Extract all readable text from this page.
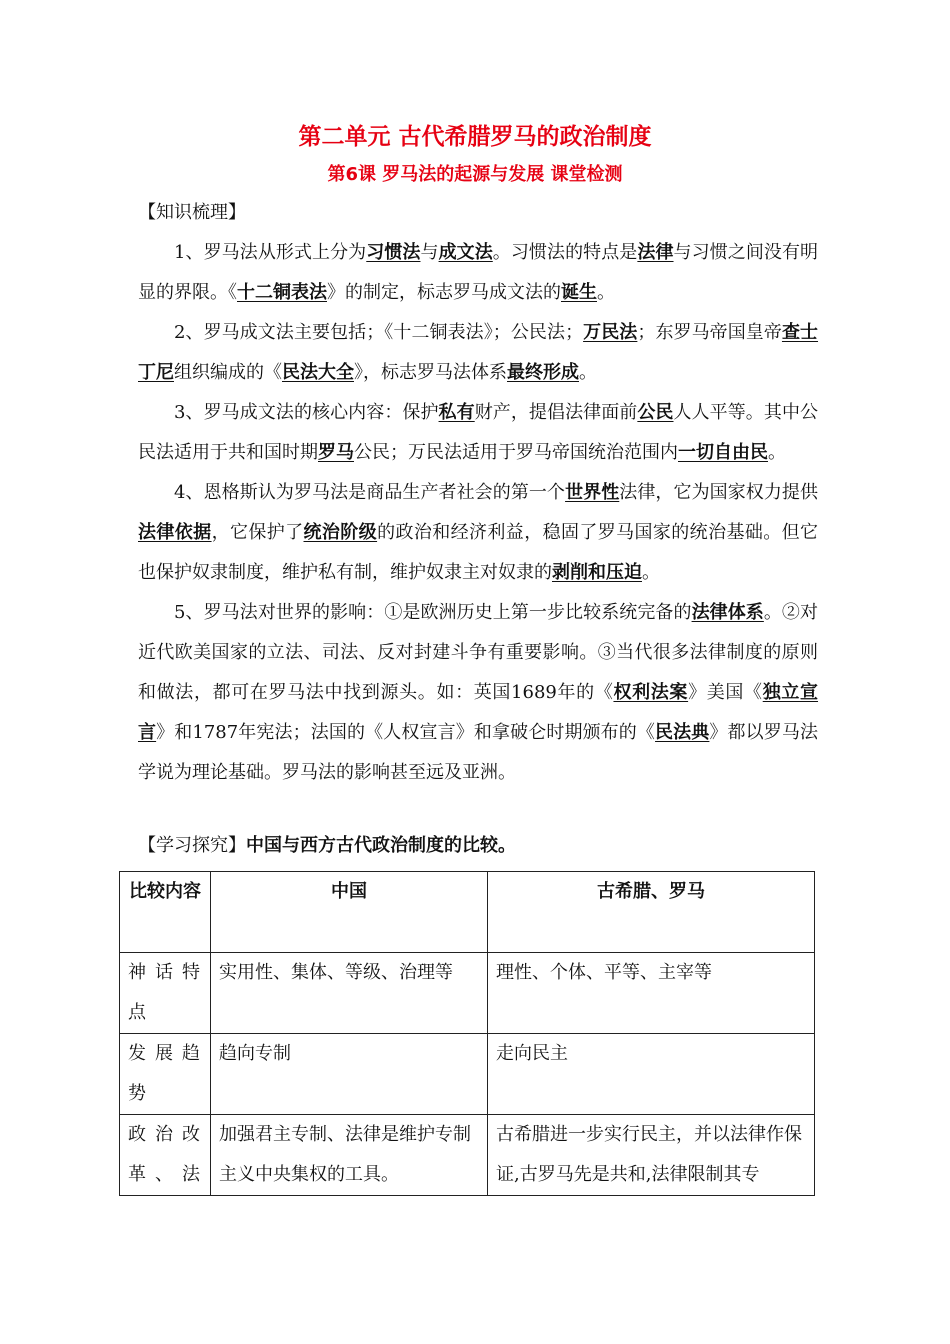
第二单元 古代希腊罗马的政治制度
第6课 罗马法的起源与发展 课堂检测

【知识梳理】

1、罗马法从形式上分为习惯法与成文法。习惯法的特点是法律与习惯之间没有明显的界限。《十二铜表法》的制定，标志罗马成文法的诞生。

2、罗马成文法主要包括；《十二铜表法》；公民法；万民法；东罗马帝国皇帝查士丁尼组织编成的《民法大全》，标志罗马法体系最终形成。

3、罗马成文法的核心内容：保护私有财产，提倡法律面前公民人人平等。其中公民法适用于共和国时期罗马公民；万民法适用于罗马帝国统治范围内一切自由民。

4、恩格斯认为罗马法是商品生产者社会的第一个世界性法律，它为国家权力提供法律依据，它保护了统治阶级的政治和经济利益，稳固了罗马国家的统治基础。但它也保护奴隶制度，维护私有制，维护奴隶主对奴隶的剥削和压迫。

5、罗马法对世界的影响：①是欧洲历史上第一步比较系统完备的法律体系。②对近代欧美国家的立法、司法、反对封建斗争有重要影响。③当代很多法律制度的原则和做法，都可在罗马法中找到源头。如：英国1689年的《权利法案》美国《独立宣言》和1787年宪法；法国的《人权宣言》和拿破仑时期颁布的《民法典》都以罗马法学说为理论基础。罗马法的影响甚至远及亚洲。

【学习探究】中国与西方古代政治制度的比较。
比较内容	中国	古希腊、罗马
神话特点	实用性、集体、等级、治理等	理性、个体、平等、主宰等
发展趋势	趋向专制	走向民主
政治改革、法	加强君主专制、法律是维护专制主义中央集权的工具。	古希腊进一步实行民主，并以法律作保证,古罗马先是共和,法律限制其专
